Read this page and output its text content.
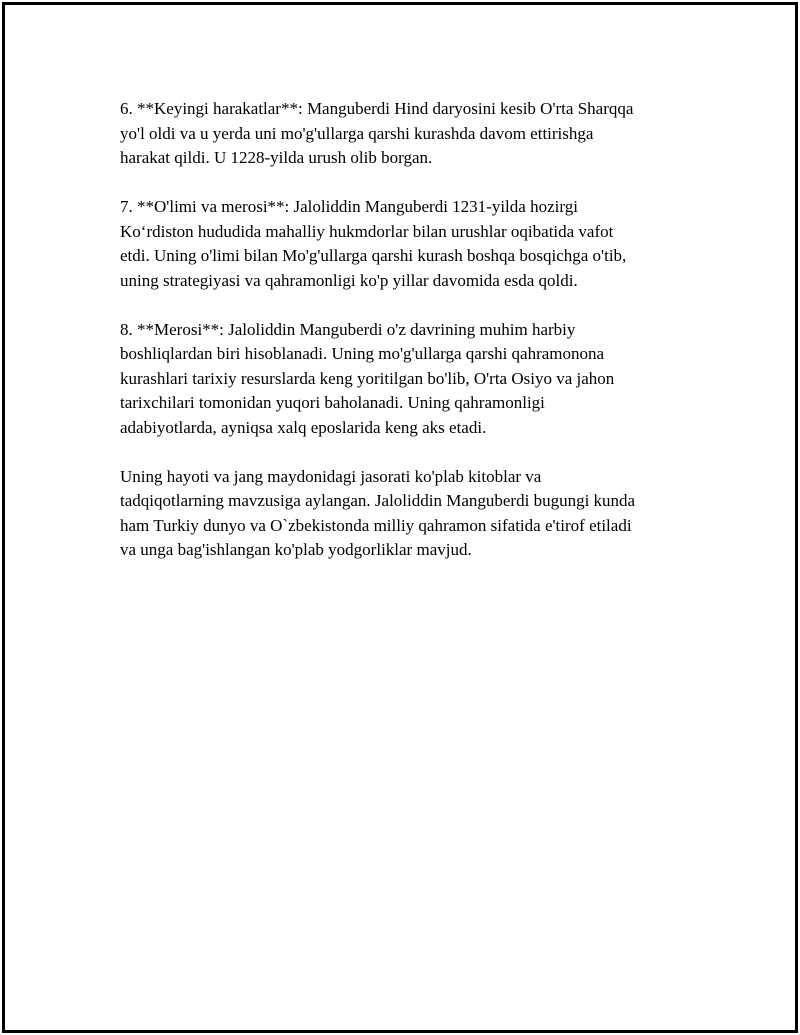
6. **Keyingi harakatlar**: Manguberdi Hind daryosini kesib O'rta Sharqqa
yo'l oldi va u yerda uni mo'g'ullarga qarshi kurashda davom ettirishga
harakat qildi. U 1228-yilda urush olib borgan.

7. **O'limi va merosi**: Jaloliddin Manguberdi 1231-yilda hozirgi
Koʻrdiston hududida mahalliy hukmdorlar bilan urushlar oqibatida vafot
etdi. Uning o'limi bilan Mo'g'ullarga qarshi kurash boshqa bosqichga o'tib,
uning strategiyasi va qahramonligi ko'p yillar davomida esda qoldi.

8. **Merosi**: Jaloliddin Manguberdi o'z davrining muhim harbiy
boshliqlardan biri hisoblanadi. Uning mo'g'ullarga qarshi qahramonona
kurashlari tarixiy resurslarda keng yoritilgan bo'lib, O'rta Osiyo va jahon
tarixchilari tomonidan yuqori baholanadi. Uning qahramonligi
adabiyotlarda, ayniqsa xalq eposlarida keng aks etadi.

Uning hayoti va jang maydonidagi jasorati ko'plab kitoblar va
tadqiqotlarning mavzusiga aylangan. Jaloliddin Manguberdi bugungi kunda
ham Turkiy dunyo va O`zbekistonda milliy qahramon sifatida e'tirof etiladi
va unga bag'ishlangan ko'plab yodgorliklar mavjud.
